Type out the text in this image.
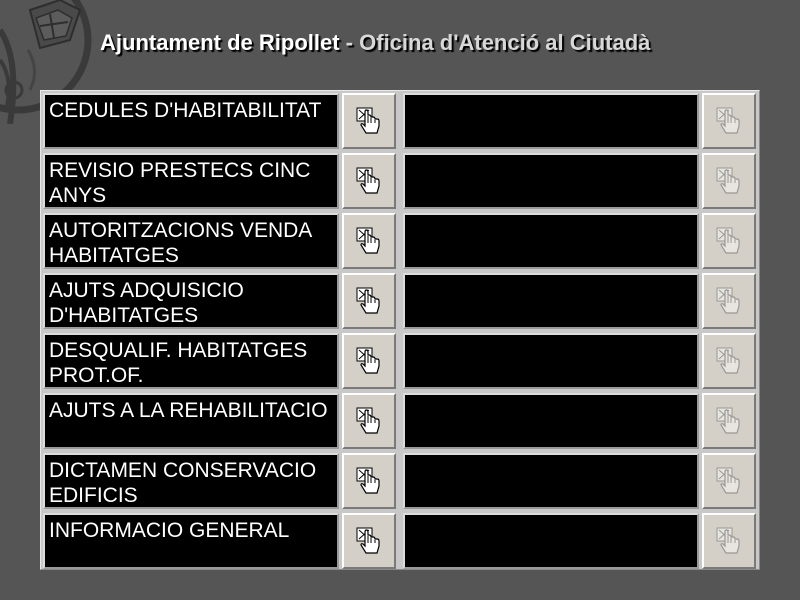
Ajuntament de Ripollet - Oficina d'Atenció al Ciutadà
CEDULES D'HABITABILITAT
REVISIO PRESTECS CINC ANYS
AUTORITZACIONS VENDA HABITATGES
AJUTS ADQUISICIO D'HABITATGES
DESQUALIF. HABITATGES PROT.OF.
AJUTS A LA REHABILITACIO
DICTAMEN CONSERVACIO EDIFICIS
INFORMACIO GENERAL
